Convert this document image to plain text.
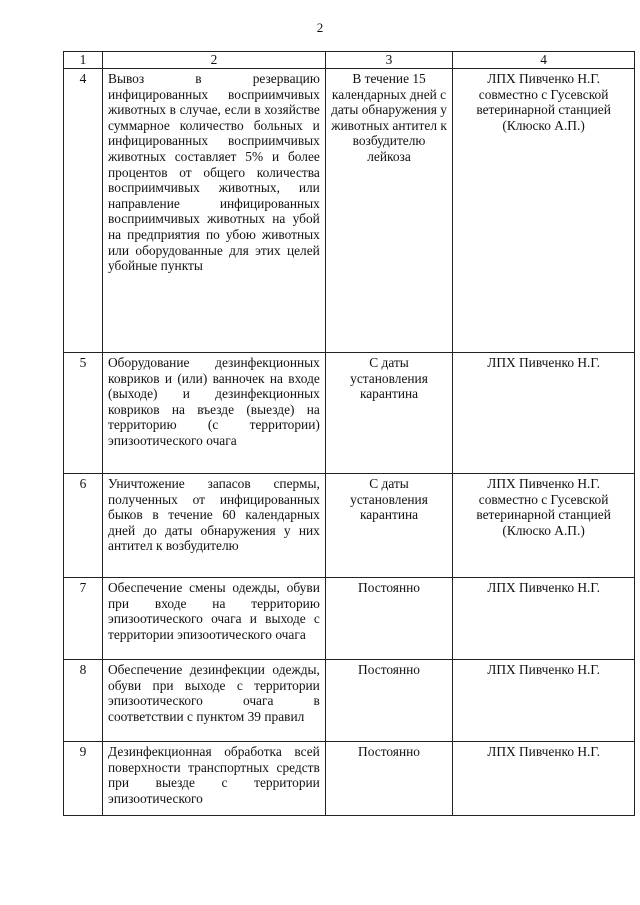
2
1	2	3	4
4	Вывоз в резервацию инфицированных восприимчивых животных в случае, если в хозяйстве суммарное количество больных и инфицированных восприимчивых животных составляет 5% и более процентов от общего количества восприимчивых животных, или направление инфицированных восприимчивых животных на убой на предприятия по убою животных или оборудованные для этих целей убойные пункты	В течение 15 календарных дней с даты обнаружения у животных антител к возбудителю лейкоза	ЛПХ Пивченко Н.Г. совместно с Гусевской ветеринарной станцией (Клюско А.П.)
5	Оборудование дезинфекционных ковриков и (или) ванночек на входе (выходе) и дезинфекционных ковриков на въезде (выезде) на территорию (с территории) эпизоотического очага	С даты установления карантина	ЛПХ Пивченко Н.Г.
6	Уничтожение запасов спермы, полученных от инфицированных быков в течение 60 календарных дней до даты обнаружения у них антител к возбудителю	С даты установления карантина	ЛПХ Пивченко Н.Г. совместно с Гусевской ветеринарной станцией (Клюско А.П.)
7	Обеспечение смены одежды, обуви при входе на территорию эпизоотического очага и выходе с территории эпизоотического очага	Постоянно	ЛПХ Пивченко Н.Г.
8	Обеспечение дезинфекции одежды, обуви при выходе с территории эпизоотического очага в соответствии с пунктом 39 правил	Постоянно	ЛПХ Пивченко Н.Г.
9	Дезинфекционная обработка всей поверхности транспортных средств при выезде с территории эпизоотического	Постоянно	ЛПХ Пивченко Н.Г.
